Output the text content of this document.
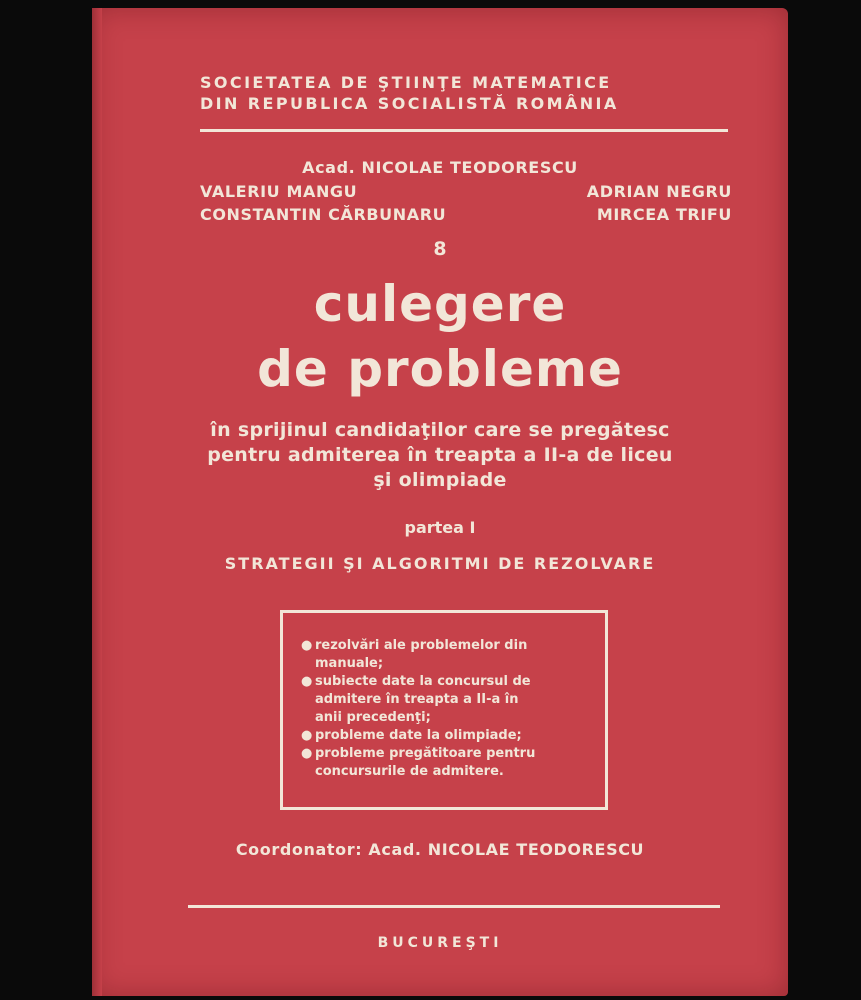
SOCIETATEA DE ŞTIINŢE MATEMATICE
DIN REPUBLICA SOCIALISTĂ ROMÂNIA
Acad. NICOLAE TEODORESCU
VALERIU MANGU	ADRIAN NEGRU
CONSTANTIN CĂRBUNARU	MIRCEA TRIFU
8
culegere
de probleme
în sprijinul candidaţilor care se pregătesc
pentru admiterea în treapta a II-a de liceu
şi olimpiade
partea I
STRATEGII ŞI ALGORITMI DE REZOLVARE
● rezolvări ale problemelor din
manuale;
● subiecte date la concursul de
admitere în treapta a II-a în
anii precedenţi;
● probleme date la olimpiade;
● probleme pregătitoare pentru
concursurile de admitere.
Coordonator: Acad. NICOLAE TEODORESCU
BUCUREŞTI
